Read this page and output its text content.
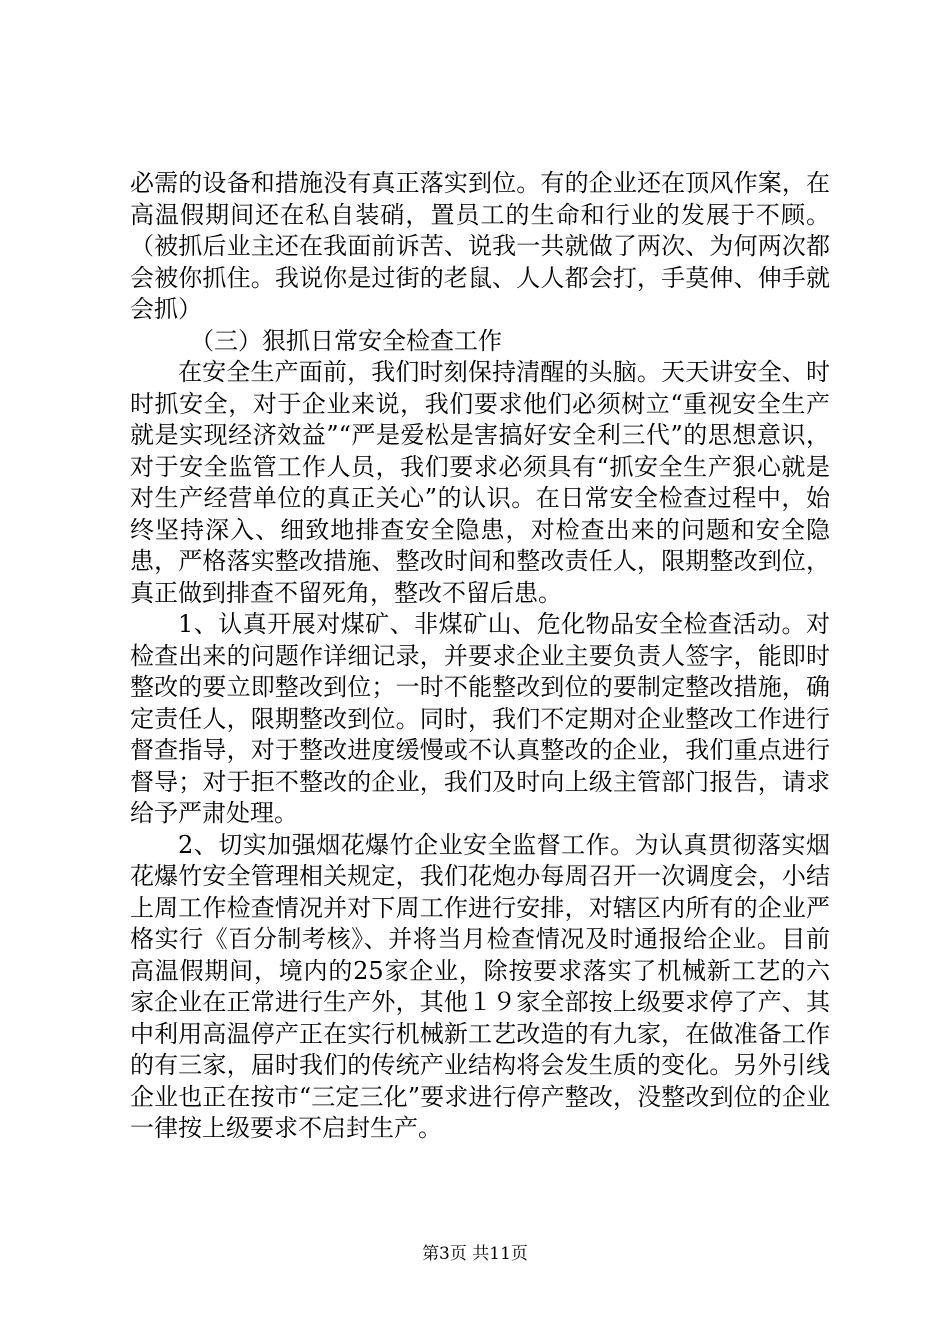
必需的设备和措施没有真正落实到位。有的企业还在顶风作案，在高温假期间还在私自装硝，置员工的生命和行业的发展于不顾。（被抓后业主还在我面前诉苦、说我一共就做了两次、为何两次都会被你抓住。我说你是过街的老鼠、人人都会打，手莫伸、伸手就会抓）

（三）狠抓日常安全检查工作

在安全生产面前，我们时刻保持清醒的头脑。天天讲安全、时时抓安全，对于企业来说，我们要求他们必须树立“重视安全生产就是实现经济效益”“严是爱松是害搞好安全利三代”的思想意识，对于安全监管工作人员，我们要求必须具有“抓安全生产狠心就是对生产经营单位的真正关心”的认识。在日常安全检查过程中，始终坚持深入、细致地排查安全隐患，对检查出来的问题和安全隐患，严格落实整改措施、整改时间和整改责任人，限期整改到位，真正做到排查不留死角，整改不留后患。

1、认真开展对煤矿、非煤矿山、危化物品安全检查活动。对检查出来的问题作详细记录，并要求企业主要负责人签字，能即时整改的要立即整改到位；一时不能整改到位的要制定整改措施，确定责任人，限期整改到位。同时，我们不定期对企业整改工作进行督查指导，对于整改进度缓慢或不认真整改的企业，我们重点进行督导；对于拒不整改的企业，我们及时向上级主管部门报告，请求给予严肃处理。

2、切实加强烟花爆竹企业安全监督工作。为认真贯彻落实烟花爆竹安全管理相关规定，我们花炮办每周召开一次调度会，小结上周工作检查情况并对下周工作进行安排，对辖区内所有的企业严格实行《百分制考核》、并将当月检查情况及时通报给企业。目前高温假期间，境内的25家企业，除按要求落实了机械新工艺的六家企业在正常进行生产外，其他１９家全部按上级要求停了产、其中利用高温停产正在实行机械新工艺改造的有九家，在做准备工作的有三家，届时我们的传统产业结构将会发生质的变化。另外引线企业也正在按市“三定三化”要求进行停产整改，没整改到位的企业一律按上级要求不启封生产。

第3页 共11页
